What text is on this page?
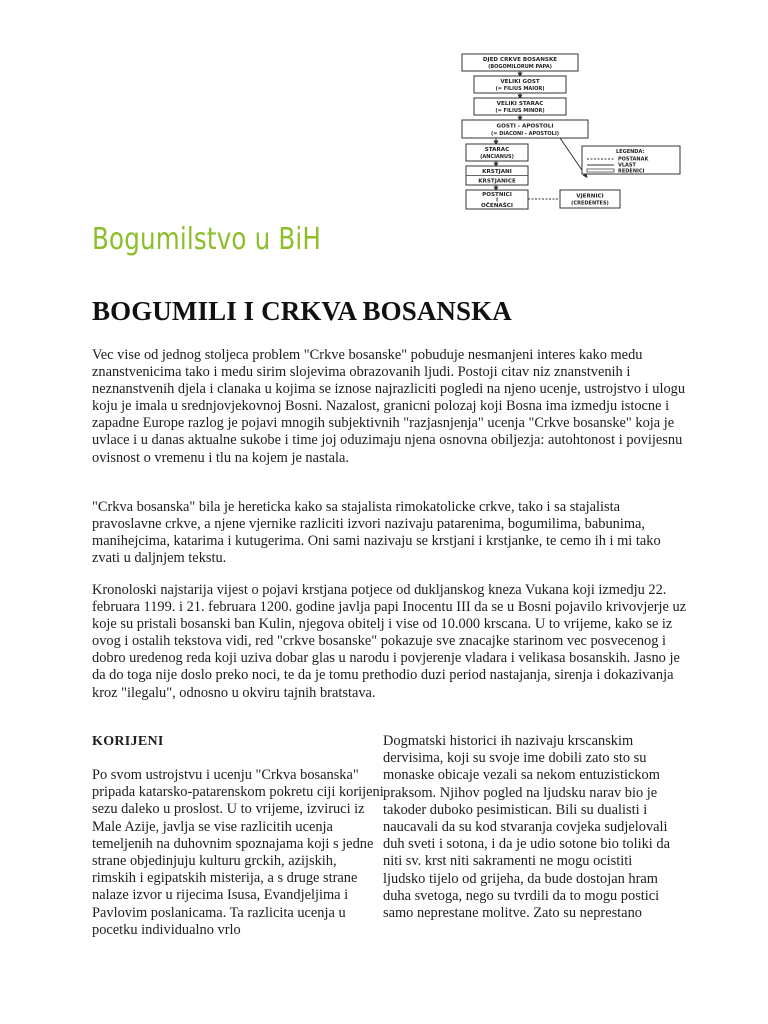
DJED CRKVE BOSANSKE
(BOGOMILORUM PAPA)
VELIKI GOST
(= FILIUS MAIOR)
VELIKI STARAC
(= FILIUS MINOR)
GOSTI - APOSTOLI
(= DIACONI - APOSTOLI)
STARAC
(ANCIANUS)
KRSTJANI
KRSTJANICE
POSTNICI
I
OČENAŠCI
VJERNICI
(CREDENTES)
LEGENDA:
POSTANAK
VLAST
REDENICI
Bogumilstvo u BiH
BOGUMILI I CRKVA BOSANSKA

Vec vise od jednog stoljeca problem "Crkve bosanske" pobuduje nesmanjeni interes kako medu znanstvenicima tako i medu sirim slojevima obrazovanih ljudi. Postoji citav niz znanstvenih i neznanstvenih djela i clanaka u kojima se iznose najrazliciti pogledi na njeno ucenje, ustrojstvo i ulogu koju je imala u srednjovjekovnoj Bosni. Nazalost, granicni polozaj koji Bosna ima izmedju istocne i zapadne Europe razlog je pojavi mnogih subjektivnih "razjasnjenja" ucenja "Crkve bosanske" koja je uvlace i u danas aktualne sukobe i time joj oduzimaju njena osnovna obiljezja: autohtonost i povijesnu ovisnost o vremenu i tlu na kojem je nastala.

"Crkva bosanska" bila je hereticka kako sa stajalista rimokatolicke crkve, tako i sa stajalista pravoslavne crkve, a njene vjernike razliciti izvori nazivaju patarenima, bogumilima, babunima, manihejcima, katarima i kutugerima. Oni sami nazivaju se krstjani i krstjanke, te cemo ih i mi tako zvati u daljnjem tekstu.

Kronoloski najstarija vijest o pojavi krstjana potjece od dukljanskog kneza Vukana koji izmedju 22. februara 1199. i 21. februara 1200. godine javlja papi Inocentu III da se u Bosni pojavilo krivovjerje uz koje su pristali bosanski ban Kulin, njegova obitelj i vise od 10.000 krscana. U to vrijeme, kako se iz ovog i ostalih tekstova vidi, red "crkve bosanske" pokazuje sve znacajke starinom vec posvecenog i dobro uredenog reda koji uziva dobar glas u narodu i povjerenje vladara i velikasa bosanskih. Jasno je da do toga nije doslo preko noci, te da je tomu prethodio duzi period nastajanja, sirenja i dokazivanja kroz "ilegalu", odnosno u okviru tajnih bratstava.

KORIJENI

Po svom ustrojstvu i ucenju "Crkva bosanska" pripada katarsko-patarenskom pokretu ciji korijeni sezu daleko u proslost. U to vrijeme, izviruci iz Male Azije, javlja se vise razlicitih ucenja temeljenih na duhovnim spoznajama koji s jedne strane objedinjuju kulturu grckih, azijskih, rimskih i egipatskih misterija, a s druge strane nalaze izvor u rijecima Isusa, Evandjeljima i Pavlovim poslanicama. Ta razlicita ucenja u pocetku individualno vrlo

Dogmatski historici ih nazivaju krscanskim dervisima, koji su svoje ime dobili zato sto su monaske obicaje vezali sa nekom entuzistickom praksom. Njihov pogled na ljudsku narav bio je takoder duboko pesimistican. Bili su dualisti i naucavali da su kod stvaranja covjeka sudjelovali duh sveti i sotona, i da je udio sotone bio toliki da niti sv. krst niti sakramenti ne mogu ocistiti ljudsko tijelo od grijeha, da bude dostojan hram duha svetoga, nego su tvrdili da to mogu postici samo neprestane molitve. Zato su neprestano
